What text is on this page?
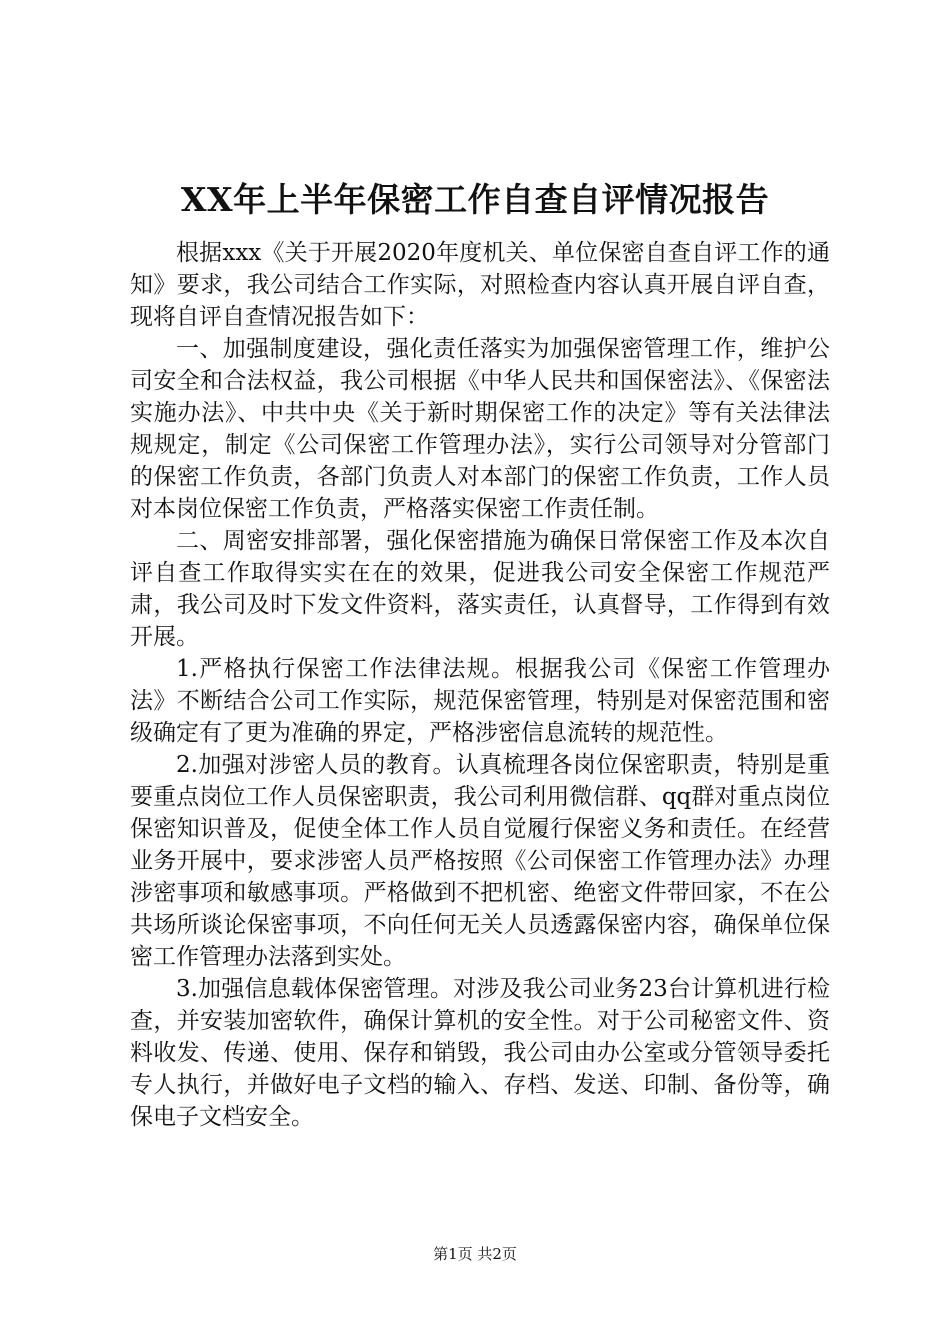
XX年上半年保密工作自查自评情况报告

根据xxx《关于开展2020年度机关、单位保密自查自评工作的通知》要求，我公司结合工作实际，对照检查内容认真开展自评自查，现将自评自查情况报告如下：

一、加强制度建设，强化责任落实为加强保密管理工作，维护公司安全和合法权益，我公司根据《中华人民共和国保密法》、《保密法实施办法》、中共中央《关于新时期保密工作的决定》等有关法律法规规定，制定《公司保密工作管理办法》，实行公司领导对分管部门的保密工作负责，各部门负责人对本部门的保密工作负责，工作人员对本岗位保密工作负责，严格落实保密工作责任制。

二、周密安排部署，强化保密措施为确保日常保密工作及本次自评自查工作取得实实在在的效果，促进我公司安全保密工作规范严肃，我公司及时下发文件资料，落实责任，认真督导，工作得到有效开展。

1.严格执行保密工作法律法规。根据我公司《保密工作管理办法》不断结合公司工作实际，规范保密管理，特别是对保密范围和密级确定有了更为准确的界定，严格涉密信息流转的规范性。

2.加强对涉密人员的教育。认真梳理各岗位保密职责，特别是重要重点岗位工作人员保密职责，我公司利用微信群、qq群对重点岗位保密知识普及，促使全体工作人员自觉履行保密义务和责任。在经营业务开展中，要求涉密人员严格按照《公司保密工作管理办法》办理涉密事项和敏感事项。严格做到不把机密、绝密文件带回家，不在公共场所谈论保密事项，不向任何无关人员透露保密内容，确保单位保密工作管理办法落到实处。

3.加强信息载体保密管理。对涉及我公司业务23台计算机进行检查，并安装加密软件，确保计算机的安全性。对于公司秘密文件、资料收发、传递、使用、保存和销毁，我公司由办公室或分管领导委托专人执行，并做好电子文档的输入、存档、发送、印制、备份等，确保电子文档安全。

第1页 共2页
